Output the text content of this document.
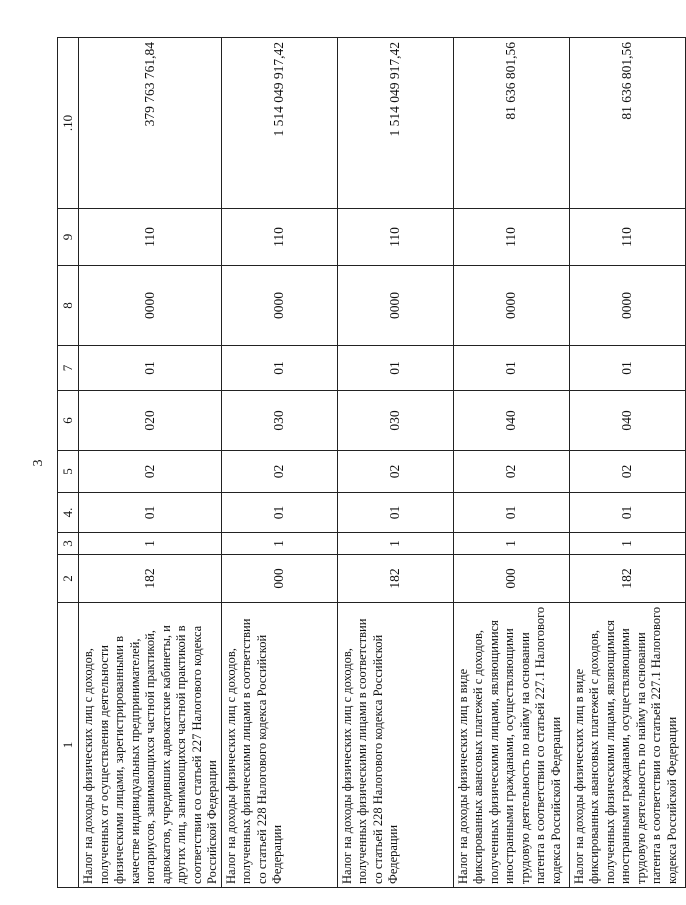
3
1	2	3	4.	5	6	7	8	9	.10
Налог на доходы физических лиц с доходов, полученных от осуществления деятельности физическими лицами, зарегистрированными в качестве индивидуальных предпринимателей, нотариусов, занимающихся частной практикой, адвокатов, учредивших адвокатские кабинеты, и других лиц, занимающихся частной практикой в соответствии со статьей 227 Налогового кодекса Российской Федерации	182	1	01	02	020	01	0000	110	379 763 761,84
Налог на доходы физических лиц с доходов, полученных физическими лицами в соответствии со статьей 228 Налогового кодекса Российской Федерации	000	1	01	02	030	01	0000	110	1 514 049 917,42
Налог на доходы физических лиц с доходов, полученных физическими лицами в соответствии со статьей 228 Налогового кодекса Российской Федерации	182	1	01	02	030	01	0000	110	1 514 049 917,42
Налог на доходы физических лиц в виде фиксированных авансовых платежей с доходов, полученных физическими лицами, являющимися иностранными гражданами, осуществляющими трудовую деятельность по найму на основании патента в соответствии со статьей 227.1 Налогового кодекса Российской Федерации	000	1	01	02	040	01	0000	110	81 636 801,56
Налог на доходы физических лиц в виде фиксированных авансовых платежей с доходов, полученных физическими лицами, являющимися иностранными гражданами, осуществляющими трудовую деятельность по найму на основании патента в соответствии со статьей 227.1 Налогового кодекса Российской Федерации	182	1	01	02	040	01	0000	110	81 636 801,56
